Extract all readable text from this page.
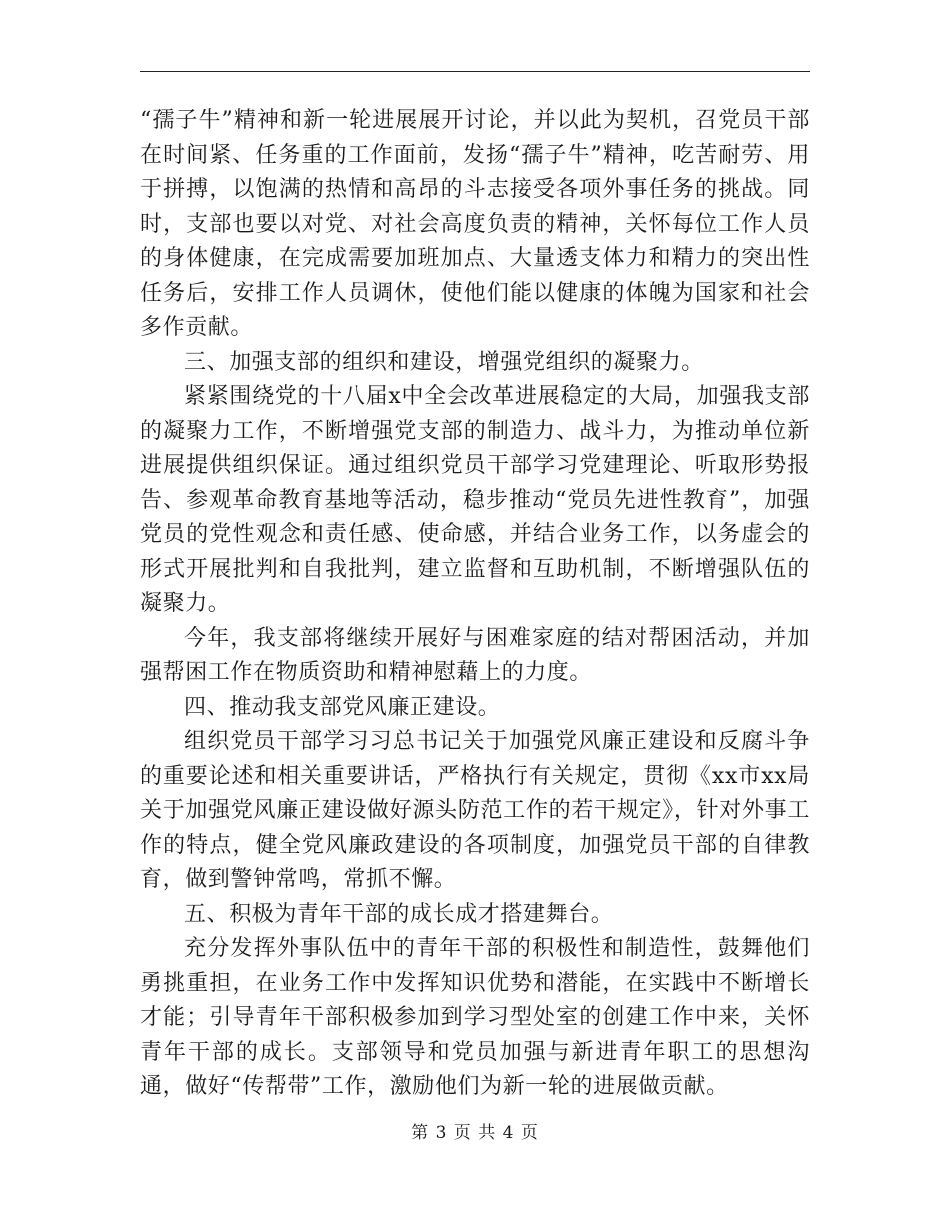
“孺子牛”精神和新一轮进展展开讨论，并以此为契机，召党员干部在时间紧、任务重的工作面前，发扬“孺子牛”精神，吃苦耐劳、用于拼搏，以饱满的热情和高昂的斗志接受各项外事任务的挑战。同时，支部也要以对党、对社会高度负责的精神，关怀每位工作人员的身体健康，在完成需要加班加点、大量透支体力和精力的突出性任务后，安排工作人员调休，使他们能以健康的体魄为国家和社会多作贡献。

三、加强支部的组织和建设，增强党组织的凝聚力。

紧紧围绕党的十八届x中全会改革进展稳定的大局，加强我支部的凝聚力工作，不断增强党支部的制造力、战斗力，为推动单位新进展提供组织保证。通过组织党员干部学习党建理论、听取形势报告、参观革命教育基地等活动，稳步推动“党员先进性教育”，加强党员的党性观念和责任感、使命感，并结合业务工作，以务虚会的形式开展批判和自我批判，建立监督和互助机制，不断增强队伍的凝聚力。

今年，我支部将继续开展好与困难家庭的结对帮困活动，并加强帮困工作在物质资助和精神慰藉上的力度。

四、推动我支部党风廉正建设。

组织党员干部学习习总书记关于加强党风廉正建设和反腐斗争的重要论述和相关重要讲话，严格执行有关规定，贯彻《xx市xx局关于加强党风廉正建设做好源头防范工作的若干规定》，针对外事工作的特点，健全党风廉政建设的各项制度，加强党员干部的自律教育，做到警钟常鸣，常抓不懈。

五、积极为青年干部的成长成才搭建舞台。

充分发挥外事队伍中的青年干部的积极性和制造性，鼓舞他们勇挑重担，在业务工作中发挥知识优势和潜能，在实践中不断增长才能；引导青年干部积极参加到学习型处室的创建工作中来，关怀青年干部的成长。支部领导和党员加强与新进青年职工的思想沟通，做好“传帮带”工作，激励他们为新一轮的进展做贡献。

第 3 页 共 4 页
